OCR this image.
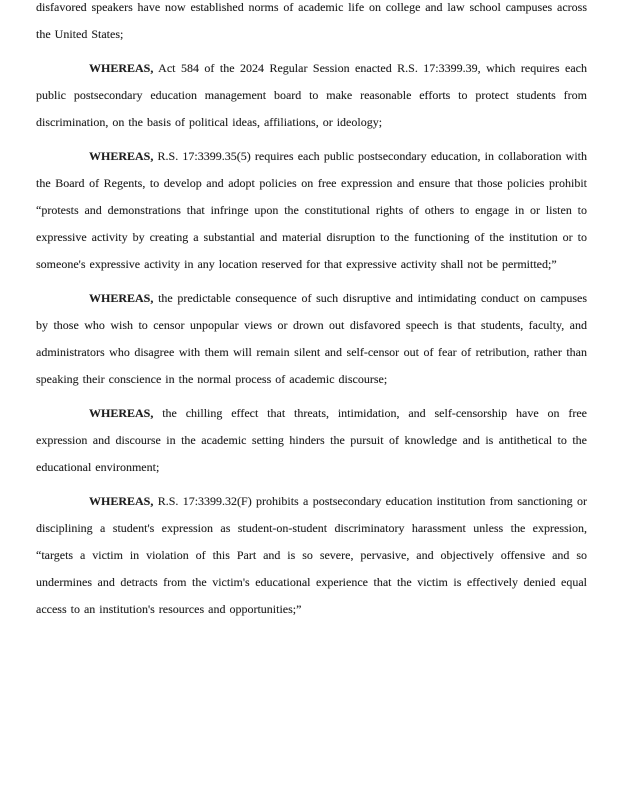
disfavored speakers have now established norms of academic life on college and law school campuses across the United States;

WHEREAS, Act 584 of the 2024 Regular Session enacted R.S. 17:3399.39, which requires each public postsecondary education management board to make reasonable efforts to protect students from discrimination, on the basis of political ideas, affiliations, or ideology;

WHEREAS, R.S. 17:3399.35(5) requires each public postsecondary education, in collaboration with the Board of Regents, to develop and adopt policies on free expression and ensure that those policies prohibit “protests and demonstrations that infringe upon the constitutional rights of others to engage in or listen to expressive activity by creating a substantial and material disruption to the functioning of the institution or to someone's expressive activity in any location reserved for that expressive activity shall not be permitted;”

WHEREAS, the predictable consequence of such disruptive and intimidating conduct on campuses by those who wish to censor unpopular views or drown out disfavored speech is that students, faculty, and administrators who disagree with them will remain silent and self-censor out of fear of retribution, rather than speaking their conscience in the normal process of academic discourse;

WHEREAS, the chilling effect that threats, intimidation, and self-censorship have on free expression and discourse in the academic setting hinders the pursuit of knowledge and is antithetical to the educational environment;

WHEREAS, R.S. 17:3399.32(F) prohibits a postsecondary education institution from sanctioning or disciplining a student's expression as student-on-student discriminatory harassment unless the expression, “targets a victim in violation of this Part and is so severe, pervasive, and objectively offensive and so undermines and detracts from the victim's educational experience that the victim is effectively denied equal access to an institution's resources and opportunities;”
